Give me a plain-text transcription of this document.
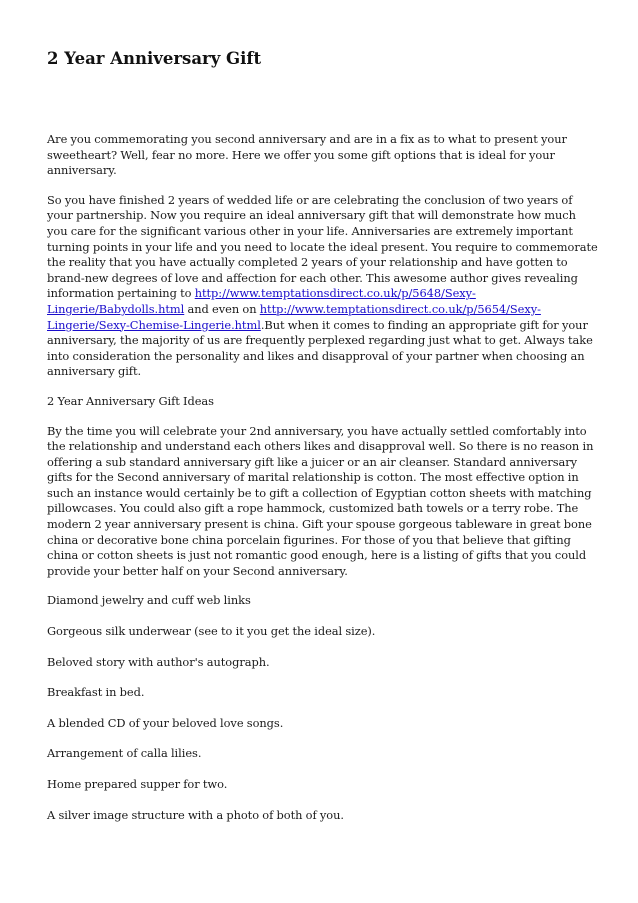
2 Year Anniversary Gift

Are you commemorating you second anniversary and are in a fix as to what to present your sweetheart? Well, fear no more. Here we offer you some gift options that is ideal for your anniversary.

So you have finished 2 years of wedded life or are celebrating the conclusion of two years of your partnership. Now you require an ideal anniversary gift that will demonstrate how much you care for the significant various other in your life. Anniversaries are extremely important turning points in your life and you need to locate the ideal present. You require to commemorate the reality that you have actually completed 2 years of your relationship and have gotten to brand-new degrees of love and affection for each other. This awesome author gives revealing information pertaining to http://www.temptationsdirect.co.uk/p/5648/Sexy-Lingerie/Babydolls.html and even on http://www.temptationsdirect.co.uk/p/5654/Sexy-Lingerie/Sexy-Chemise-Lingerie.html.But when it comes to finding an appropriate gift for your anniversary, the majority of us are frequently perplexed regarding just what to get. Always take into consideration the personality and likes and disapproval of your partner when choosing an anniversary gift.

2 Year Anniversary Gift Ideas

By the time you will celebrate your 2nd anniversary, you have actually settled comfortably into the relationship and understand each others likes and disapproval well. So there is no reason in offering a sub standard anniversary gift like a juicer or an air cleanser. Standard anniversary gifts for the Second anniversary of marital relationship is cotton. The most effective option in such an instance would certainly be to gift a collection of Egyptian cotton sheets with matching pillowcases. You could also gift a rope hammock, customized bath towels or a terry robe. The modern 2 year anniversary present is china. Gift your spouse gorgeous tableware in great bone china or decorative bone china porcelain figurines. For those of you that believe that gifting china or cotton sheets is just not romantic good enough, here is a listing of gifts that you could provide your better half on your Second anniversary.

Diamond jewelry and cuff web links

Gorgeous silk underwear (see to it you get the ideal size).

Beloved story with author's autograph.

Breakfast in bed.

A blended CD of your beloved love songs.

Arrangement of calla lilies.

Home prepared supper for two.

A silver image structure with a photo of both of you.
